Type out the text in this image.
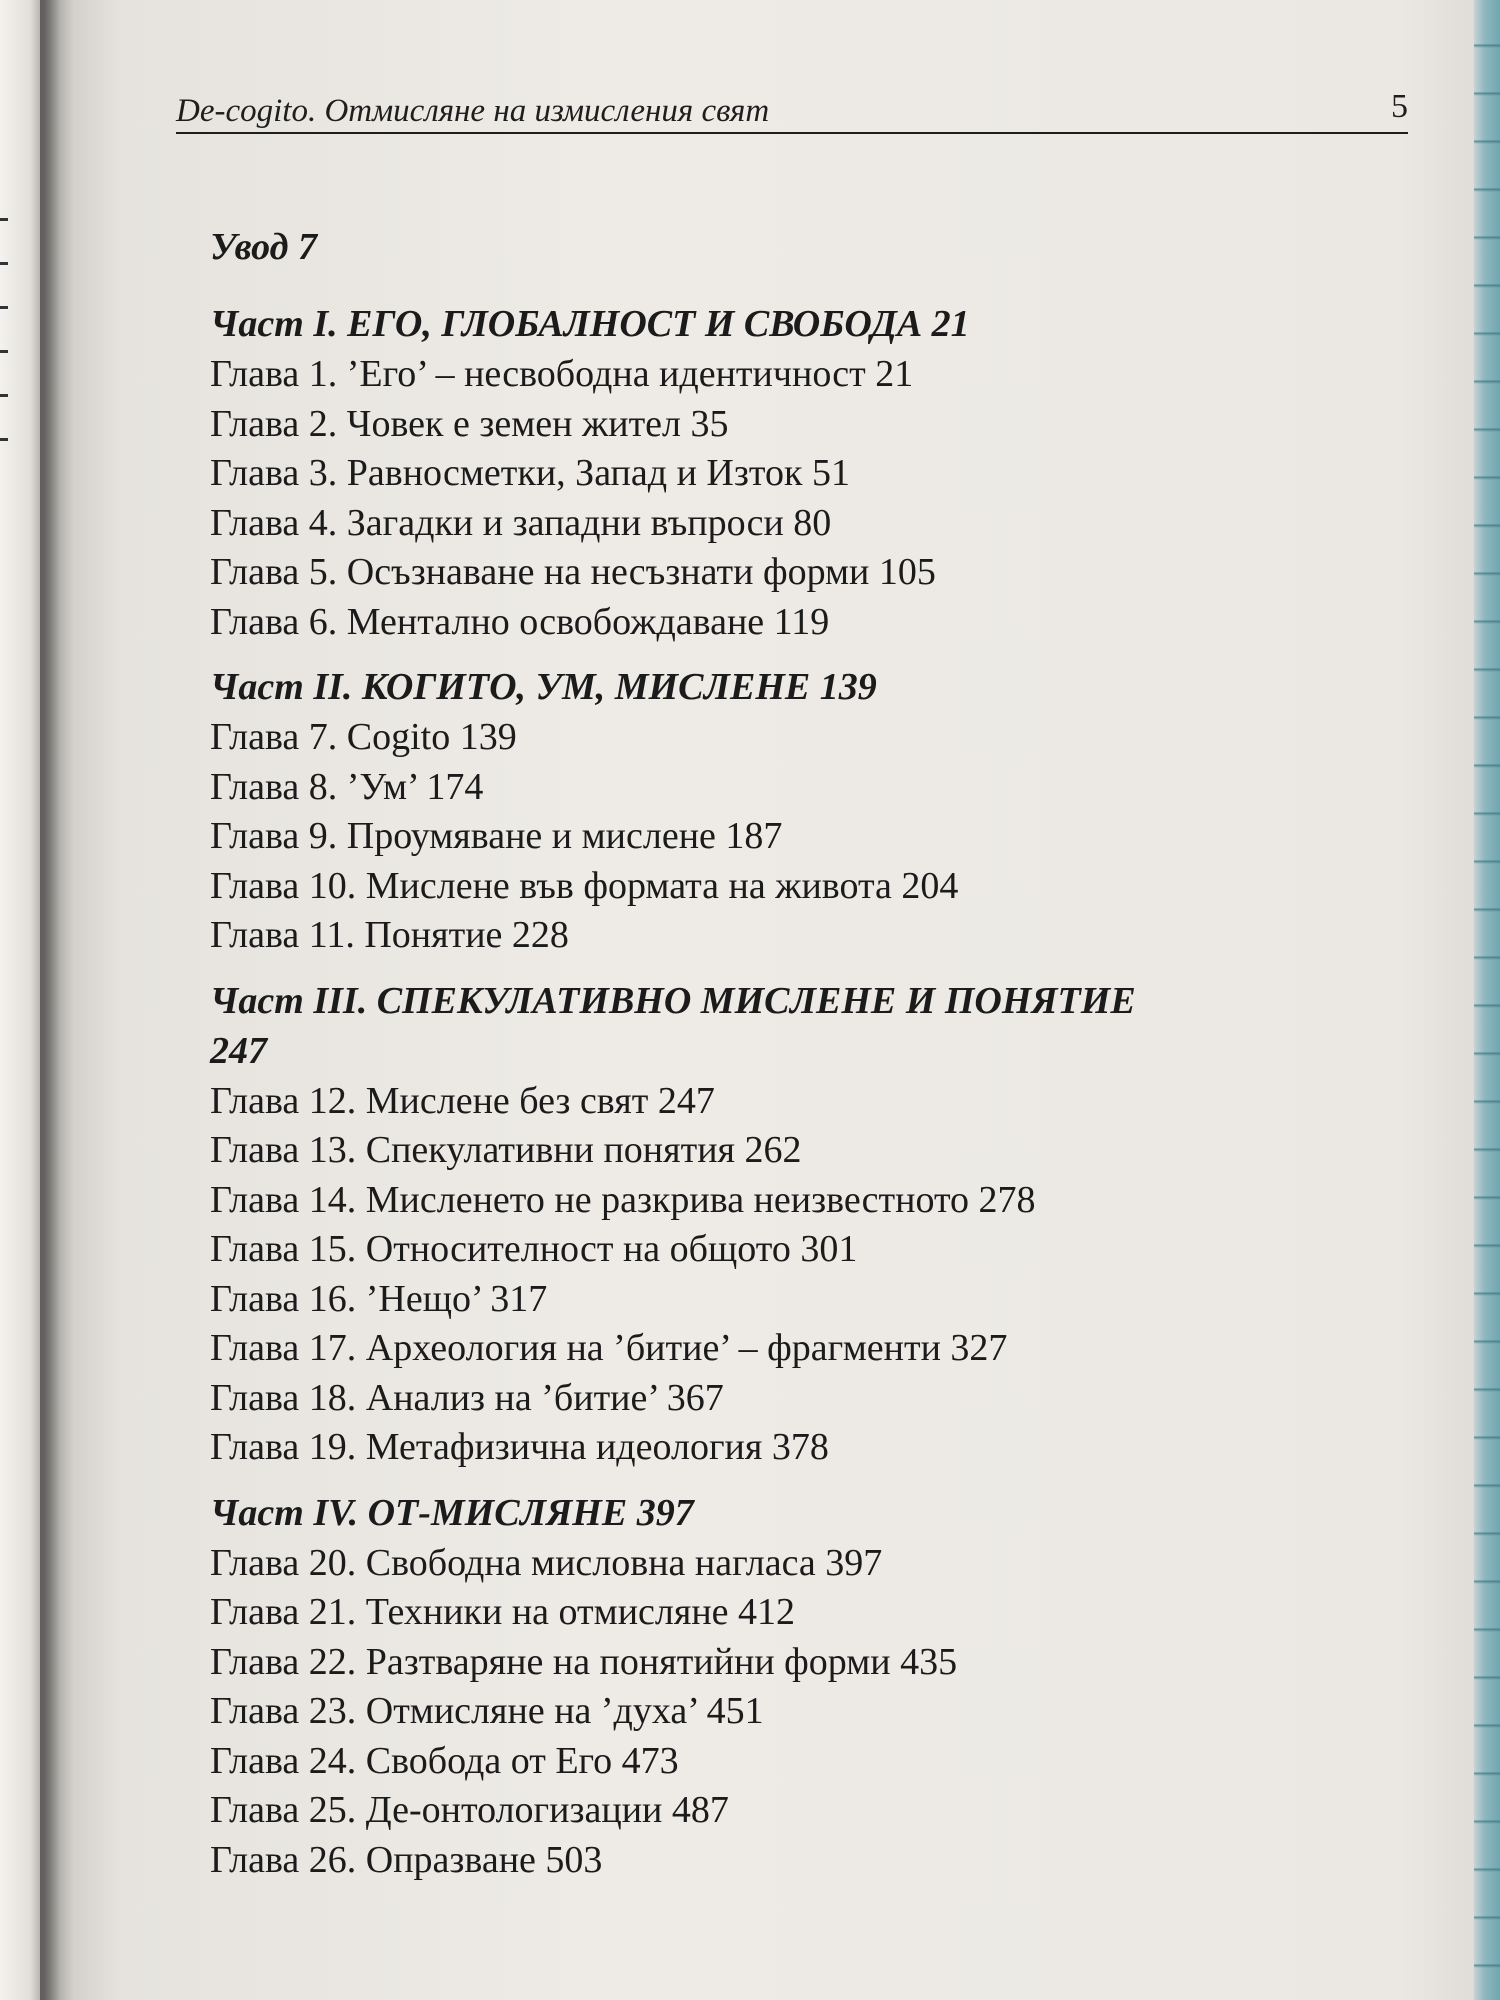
De-cogito. Отмисляне на измисления свят	5
Увод 7
Част I. ЕГО, ГЛОБАЛНОСТ И СВОБОДА 21
Глава 1. ’Его’ – несвободна идентичност 21
Глава 2. Човек е земен жител 35
Глава 3. Равносметки, Запад и Изток 51
Глава 4. Загадки и западни въпроси 80
Глава 5. Осъзнаване на несъзнати форми 105
Глава 6. Ментално освобождаване 119
Част II. КОГИТО, УМ, МИСЛЕНЕ 139
Глава 7. Cogito 139
Глава 8. ’Ум’ 174
Глава 9. Проумяване и мислене 187
Глава 10. Мислене във формата на живота 204
Глава 11. Понятие 228
Част III. СПЕКУЛАТИВНО МИСЛЕНЕ И ПОНЯТИЕ
247
Глава 12. Мислене без свят 247
Глава 13. Спекулативни понятия 262
Глава 14. Мисленето не разкрива неизвестното 278
Глава 15. Относителност на общото 301
Глава 16. ’Нещо’ 317
Глава 17. Археология на ’битие’ – фрагменти 327
Глава 18. Анализ на ’битие’ 367
Глава 19. Метафизична идеология 378
Част IV. ОТ-МИСЛЯНЕ 397
Глава 20. Свободна мисловна нагласа 397
Глава 21. Техники на отмисляне 412
Глава 22. Разтваряне на понятийни форми 435
Глава 23. Отмисляне на ’духа’ 451
Глава 24. Свобода от Его 473
Глава 25. Де-онтологизации 487
Глава 26. Опразване 503
